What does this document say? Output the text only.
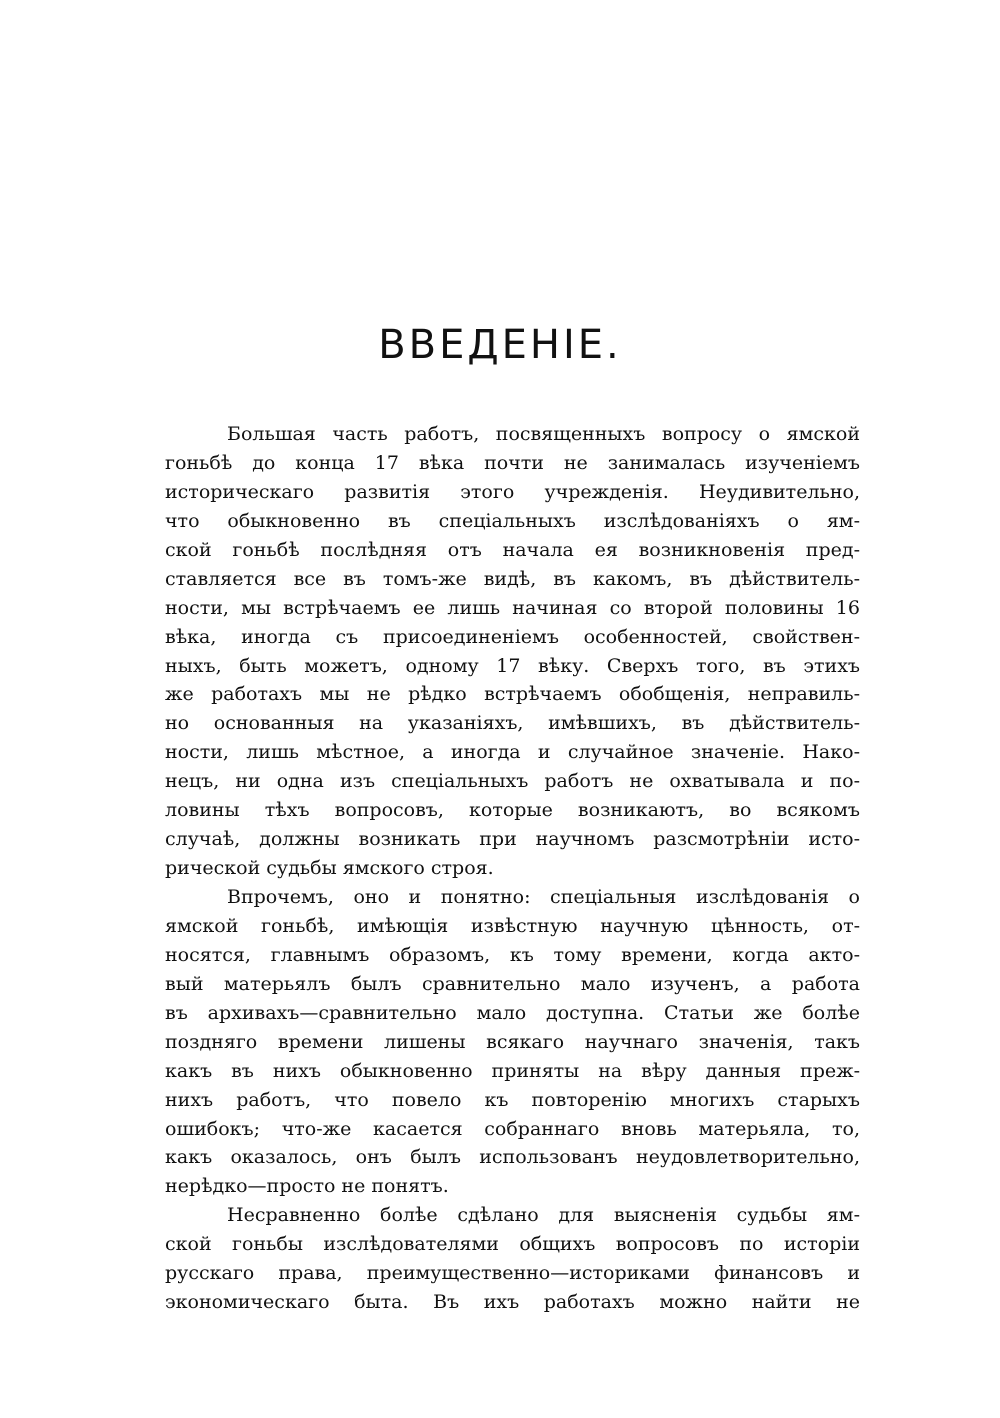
ВВЕДЕНIЕ.
Большая часть работъ, посвященныхъ вопросу о ямской
гоньбѣ до конца 17 вѣка почти не занималась изученiемъ
историческаго развитiя этого учрежденiя. Неудивительно,
что обыкновенно въ спецiальныхъ изслѣдованiяхъ о ям-
ской гоньбѣ послѣдняя отъ начала ея возникновенiя пред-
ставляется все въ томъ-же видѣ, въ какомъ, въ дѣйствитель-
ности, мы встрѣчаемъ ее лишь начиная со второй половины 16
вѣка, иногда съ присоединенiемъ особенностей, свойствен-
ныхъ, быть можетъ, одному 17 вѣку. Сверхъ того, въ этихъ
же работахъ мы не рѣдко встрѣчаемъ обобщенiя, неправиль-
но основанныя на указанiяхъ, имѣвшихъ, въ дѣйствитель-
ности, лишь мѣстное, а иногда и случайное значенiе. Нако-
нецъ, ни одна изъ спецiальныхъ работъ не охватывала и по-
ловины тѣхъ вопросовъ, которые возникаютъ, во всякомъ
случаѣ, должны возникать при научномъ разсмотрѣнiи исто-
рической судьбы ямского строя.
Впрочемъ, оно и понятно: спецiальныя изслѣдованiя о
ямской гоньбѣ, имѣющiя извѣстную научную цѣнность, от-
носятся, главнымъ образомъ, къ тому времени, когда акто-
вый матерьялъ былъ сравнительно мало изученъ, а работа
въ архивахъ—сравнительно мало доступна. Статьи же болѣе
поздняго времени лишены всякаго научнаго значенiя, такъ
какъ въ нихъ обыкновенно приняты на вѣру данныя преж-
нихъ работъ, что повело къ повторенiю многихъ старыхъ
ошибокъ; что-же касается собраннаго вновь матерьяла, то,
какъ оказалось, онъ былъ использованъ неудовлетворительно,
нерѣдко—просто не понятъ.
Несравненно болѣе сдѣлано для выясненiя судьбы ям-
ской гоньбы изслѣдователями общихъ вопросовъ по исторiи
русскаго права, преимущественно—историками финансовъ и
экономическаго быта. Въ ихъ работахъ можно найти не
